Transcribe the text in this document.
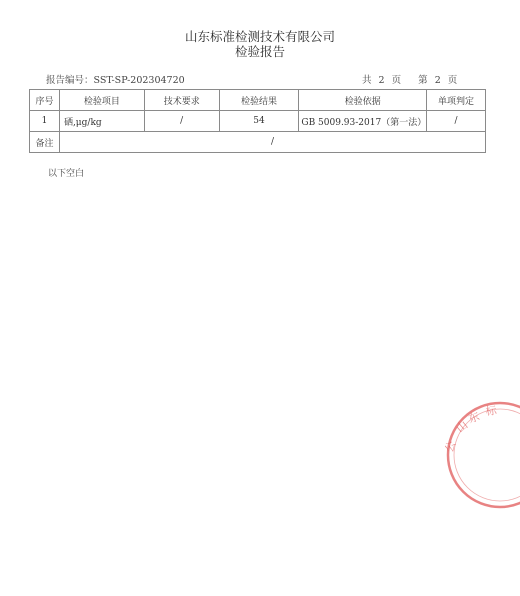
山东标准检测技术有限公司
检验报告
报告编号：SST-SP-202304720	共 2 页 第 2 页
序号	检验项目	技术要求	检验结果	检验依据	单项判定
1	硒,μg/kg	/	54	GB 5009.93-2017（第一法）	/
备注	/				
以下空白
山
东 标
公
